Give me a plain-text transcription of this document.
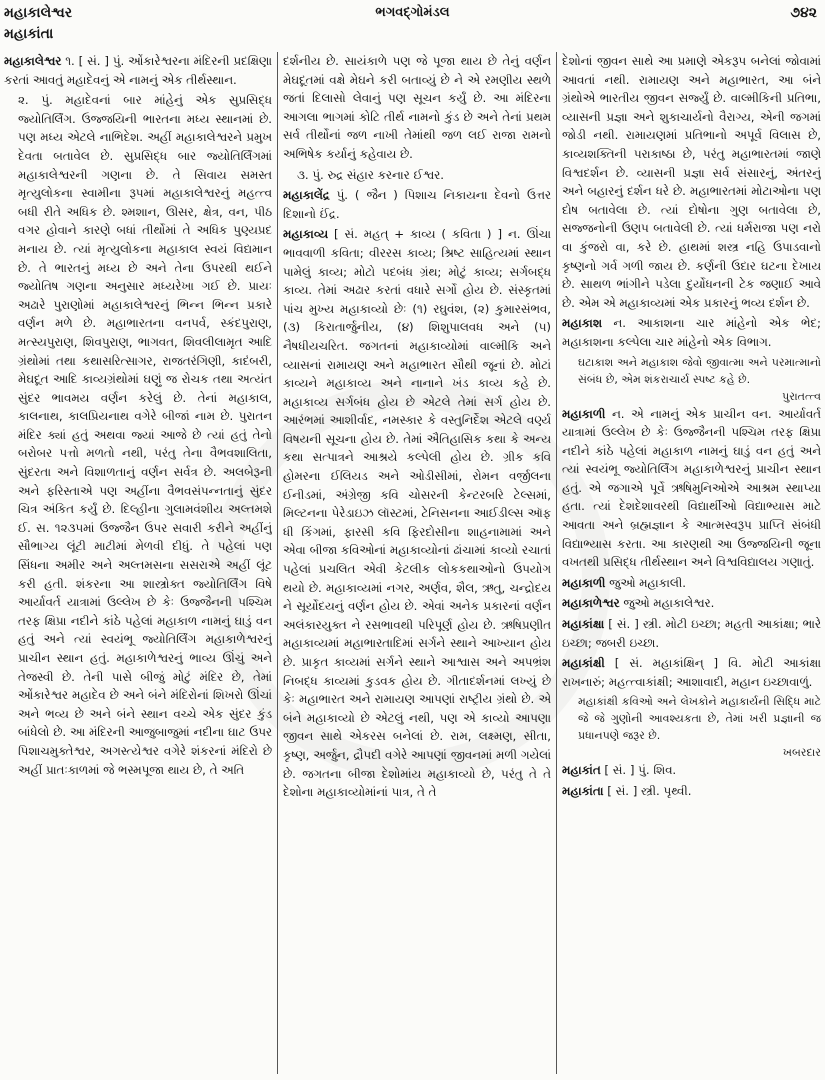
મહાકાલેશ્વર
મહાકાંતા
ભગવદ્ગોમંડલ	૭૪૨

મહાકાલેશ્વર ૧. [ સં. ] પું. ઓંકારેશ્વરના મંદિરની પ્રદક્ષિણા કરતાં આવતું મહાદેવનું એ નામનું એક તીર્થસ્થાન.

૨. પું. મહાદેવનાં બાર માંહેનું એક સુપ્રસિદ્ધ જ્યોતિર્લિંગ. ઉજ્જયિની ભારતના મધ્ય સ્થાનમાં છે. પણ મધ્ય એટલે નાભિદેશ. અહીં મહાકાલેશ્વરને પ્રમુખ દેવતા બતાવેલ છે. સુપ્રસિદ્ધ બાર જ્યોતિર્લિંગમાં મહાકાલેશ્વરની ગણના છે. તે સિવાય સમસ્ત મૃત્યુલોકના સ્વામીના રૂપમાં મહાકાલેશ્વરનું મહત્ત્વ બધી રીતે અધિક છે. શ્મશાન, ઊસર, ક્ષેત્ર, વન, પીઠ વગર હોવાને કારણે બધાં તીર્થોમાં તે અધિક પુણ્યપ્રદ મનાય છે. ત્યાં મૃત્યુલોકના મહાકાલ સ્વયં વિદ્યમાન છે. તે ભારતનું મધ્ય છે અને તેના ઉપરથી થઈને જ્યોતિષ ગણના અનુસાર મધ્યરેખા ગઈ છે. પ્રાયઃ અઢારે પુરાણોમાં મહાકાલેશ્વરનું ભિન્ન ભિન્ન પ્રકારે વર્ણન મળે છે. મહાભારતના વનપર્વ, સ્કંદપુરાણ, મત્સ્યપુરાણ, શિવપુરાણ, ભાગવત, શિવલીલામૃત આદિ ગ્રંથોમાં તથા કથાસરિત્સાગર, રાજતરંગિણી, કાદંબરી, મેઘદૂત આદિ કાવ્યગ્રંથોમાં ઘણું જ રોચક તથા અત્યંત સુંદર ભાવમય વર્ણન કરેલું છે. તેનાં મહાકાલ, કાલનાથ, કાલપ્રિયનાથ વગેરે બીજાં નામ છે. પુરાતન મંદિર ક્યાં હતું અથવા જ્યાં આજે છે ત્યાં હતું તેનો બરોબર પત્તો મળતો નથી, પરંતુ તેના વૈભવશાલિતા, સુંદરતા અને વિશાળતાનું વર્ણન સર્વત્ર છે. અલબેરૂની અને ફરિસ્તાએ પણ અહીંના વૈભવસંપન્નતાનું સુંદર ચિત્ર અંકિત કર્યું છે. દિલ્હીના ગુલામવંશીય અલ્તમશે ઈ. સ. ૧૨૩૫માં ઉજ્જૈન ઉપર સવારી કરીને અહીંનું સૌભાગ્ય લૂંટી માટીમાં મેળવી દીધું. તે પહેલાં પણ સિંધના અમીર અને અલ્તમસના સસરાએ અહીં લૂંટ કરી હતી. શંકરના આ શાસ્ત્રોક્ત જ્યોતિર્લિંગ વિષે આર્યાવર્ત યાત્રામાં ઉલ્લેખ છે કેઃ ઉજ્જૈનની પશ્ચિમ તરફ ક્ષિપ્રા નદીને કાંઠે પહેલાં મહાકાળ નામનું ઘાડું વન હતું અને ત્યાં સ્વયંભૂ જ્યોતિર્લિંગ મહાકાળેશ્વરનું પ્રાચીન સ્થાન હતું. મહાકાળેશ્વરનું ભાવ્ય ઊંચું અને તેજસ્વી છે. તેની પાસે બીજું મોટું મંદિર છે, તેમાં ઓંકારેશ્વર મહાદેવ છે અને બંને મંદિરોનાં શિખરો ઊંચાં અને ભવ્ય છે અને બંને સ્થાન વચ્ચે એક સુંદર કુંડ બાંધેલો છે. આ મંદિરની આજુબાજુમાં નદીના ઘાટ ઉપર પિશાચમુક્તેશ્વર, અગસ્ત્યેશ્વર વગેરે શંકરનાં મંદિરો છે અહીં પ્રાતઃકાળમાં જે ભસ્મપૂજા થાય છે, તે અતિ

દર્શનીય છે. સાયંકાળે પણ જે પૂજા થાય છે તેનું વર્ણન મેઘદૂતમાં વક્ષે મેઘને કરી બતાવ્યું છે ને એ રમણીય સ્થળે જતાં દિલાસો લેવાનું પણ સૂચન કર્યું છે. આ મંદિરના આગલા ભાગમાં કોટિ તીર્થ નામનો કુંડ છે અને તેનાં પ્રથમ સર્વ તીર્થોનાં જળ નાખી તેમાંથી જળ લઈ રાજા રામનો અભિષેક કર્યાનું કહેવાય છે.

૩. પું. રુદ્ર સંહાર કરનાર ઈશ્વર.

મહાકાલેંદ્ર પું. ( જૈન ) પિશાચ નિકાયના દેવનો ઉત્તર દિશાનો ઈંદ્ર.

મહાકાવ્ય [ સં. મહત્ + કાવ્ય ( કવિતા ) ] ન. ઊંચા ભાવવાળી કવિતા; વીરરસ કાવ્ય; શ્રિષ્ટ સાહિત્યમાં સ્થાન પામેલું કાવ્ય; મોટો પદબંધ ગ્રંથ; મોટું કાવ્ય; સર્ગબદ્ધ કાવ્ય. તેમાં અઢાર કરતાં વધારે સર્ગો હોય છે. સંસ્કૃતમાં પાંચ મુખ્ય મહાકાવ્યો છેઃ (૧) રઘુવંશ, (૨) કુમારસંભવ, (૩) કિરાતાર્જુનીય, (૪) શિશુપાલવધ અને (૫) નૈષધીયચરિત. જગતનાં મહાકાવ્યોમાં વાલ્મીકિ અને વ્યાસનાં રામાયણ અને મહાભારત સૌથી જૂનાં છે. મોટાં કાવ્યને મહાકાવ્ય અને નાનાને ખંડ કાવ્ય કહે છે. મહાકાવ્ય સર્ગબંધ હોય છે એટલે તેમાં સર્ગ હોય છે. આરંભમાં આશીર્વાદ, નમસ્કાર કે વસ્તુનિર્દેશ એટલે વર્ણ્ય વિષયની સૂચના હોય છે. તેમાં ઐતિહાસિક કથા કે અન્ય કથા સત્પાત્રને આશ્રયે કલ્પેલી હોય છે. ગ્રીક કવિ હોમરના ઈલિયડ અને ઓડીસીમાં, રોમન વર્જીલના ઈનીડમાં, અંગ્રેજી કવિ ચોસરની કેન્ટરબરિ ટેલ્સમાં, મિલ્ટનના પેરેડાઇઝ લૉસ્ટમાં, ટેનિસનના આઈડીલ્સ ઑફ ધી કિંગમાં, ફારસી કવિ ફિરદોસીના શાહનામામાં અને એવા બીજા કવિઓનાં મહાકાવ્યોનાં ઢાંચામાં કાવ્યો રચાતાં પહેલાં પ્રચલિત એવી કેટલીક લોકકથાઓનો ઉપયોગ થયો છે. મહાકાવ્યમાં નગર, અર્ણવ, શૈલ, ઋતુ, ચન્દ્રોદય ને સૂર્યોદયનું વર્ણન હોય છે. એવાં અનેક પ્રકારનાં વર્ણન અલંકારયુક્ત ને રસભાવથી પરિપૂર્ણ હોય છે. ઋષિપ્રણીત મહાકાવ્યમાં મહાભારતાદિમાં સર્ગને સ્થાને આખ્યાન હોય છે. પ્રાકૃત કાવ્યમાં સર્ગને સ્થાને આશ્વાસ અને અપભ્રંશ નિબદ્ધ કાવ્યમાં કુડવક હોય છે. ગીતાદર્શનમાં લખ્યું છે કેઃ મહાભારત અને રામાયણ આપણાં રાષ્ટ્રીય ગ્રંથો છે. એ બંને મહાકાવ્યો છે એટલું નથી, પણ એ કાવ્યો આપણા જીવન સાથે એકરસ બનેલાં છે. રામ, લક્ષ્મણ, સીતા, કૃષ્ણ, અર્જુન, દ્રૌપદી વગેરે આપણાં જીવનમાં મળી ગયેલાં છે. જગતના બીજા દેશોમાંય મહાકાવ્યો છે, પરંતુ તે તે દેશોના મહાકાવ્યોમાંનાં પાત્ર, તે તે

દેશોનાં જીવન સાથે આ પ્રમાણે એકરૂપ બનેલાં જોવામાં આવતાં નથી. રામાયણ અને મહાભારત, આ બંને ગ્રંથોએ ભારતીય જીવન સર્જ્યું છે. વાલ્મીકિની પ્રતિભા, વ્યાસની પ્રજ્ઞા અને શુકાચાર્યનો વૈરાગ્ય, એની જગમાં જોડી નથી. રામાયણમાં પ્રતિભાનો અપૂર્વ વિલાસ છે, કાવ્યશક્તિની પરાકાષ્ઠા છે, પરંતુ મહાભારતમાં જાણે વિશ્વદર્શન છે. વ્યાસની પ્રજ્ઞા સર્વ સંસારનું, અંતરનું અને બહારનું દર્શન ધરે છે. મહાભારતમાં મોટાઓના પણ દોષ બતાવેલા છે. ત્યાં દોષોના ગુણ બતાવેલા છે, સજ્જનોની ઉણપ બતાવેલી છે. ત્યાં ધર્મરાજા પણ નરો વા કુંજરો વા, કરે છે. હાથમાં શસ્ત્ર નહિ ઉપાડવાનો કૃષ્ણનો ગર્વ ગળી જાય છે. કર્ણની ઉદાર ઘટના દેખાય છે. સાથળ ભાંગીને પડેલા દુર્યોધનની ટેક જણાઈ આવે છે. એમ એ મહાકાવ્યમાં એક પ્રકારનું ભવ્ય દર્શન છે.

મહાકાશ ન. આકાશના ચાર માંહેનો એક ભેદ; મહાકાશના કલ્પેલા ચાર માંહેનો એક વિભાગ.

ઘટાકાશ અને મહાકાશ જેવો જીવાત્મા અને પરમાત્માનો સંબંધ છે, એમ શંકરાચાર્ય સ્પષ્ટ કહે છે.
પુરાતત્ત્વ

મહાકાળી ન. એ નામનું એક પ્રાચીન વન. આર્યાવર્ત યાત્રામાં ઉલ્લેખ છે કેઃ ઉજ્જૈનની પશ્ચિમ તરફ ક્ષિપ્રા નદીને કાંઠે પહેલાં મહાકાળ નામનું ઘાડું વન હતું અને ત્યાં સ્વયંભૂ જ્યોતિર્લિંગ મહાકાળેશ્વરનું પ્રાચીન સ્થાન હતું. એ જગાએ પૂર્વે ઋષિમુનિઓએ આશ્રમ સ્થાપ્યા હતા. ત્યાં દેશદેશાવરથી વિદ્યાર્થીઓ વિદ્યાભ્યાસ માટે આવતા અને બ્રહ્મજ્ઞાન કે આત્મસ્વરૂપ પ્રાપ્તિ સંબંધી વિદ્યાભ્યાસ કરતા. આ કારણથી આ ઉજ્જયિની જૂના વખતથી પ્રસિદ્ધ તીર્થસ્થાન અને વિશ્વવિદ્યાલય ગણાતું.

મહાકાળી જુઓ મહાકાલી.

મહાકાળેશ્વર જુઓ મહાકાલેશ્વર.

મહાકાંક્ષા [ સં. ] સ્ત્રી. મોટી ઇચ્છા; મહતી આકાંક્ષા; ભારે ઇચ્છા; જબરી ઇચ્છા.

મહાકાંક્ષી [ સં. મહાકાંક્ષિન્ ] વિ. મોટી આકાંક્ષા રાખનારું; મહત્ત્વાકાંક્ષી; આશાવાદી, મહાન ઇચ્છાવાળું.

મહાકાંક્ષી કવિઓ અને લેખકોને મહાકાર્યની સિદ્ધિ માટે જે જે ગુણોની આવશ્યકતા છે, તેમાં ખરી પ્રજ્ઞાની જ પ્રધાનપણે જરૂર છે.
ખબરદાર

મહાકાંત [ સં. ] પું. શિવ.

મહાકાંતા [ સં. ] સ્ત્રી. પૃથ્વી.
